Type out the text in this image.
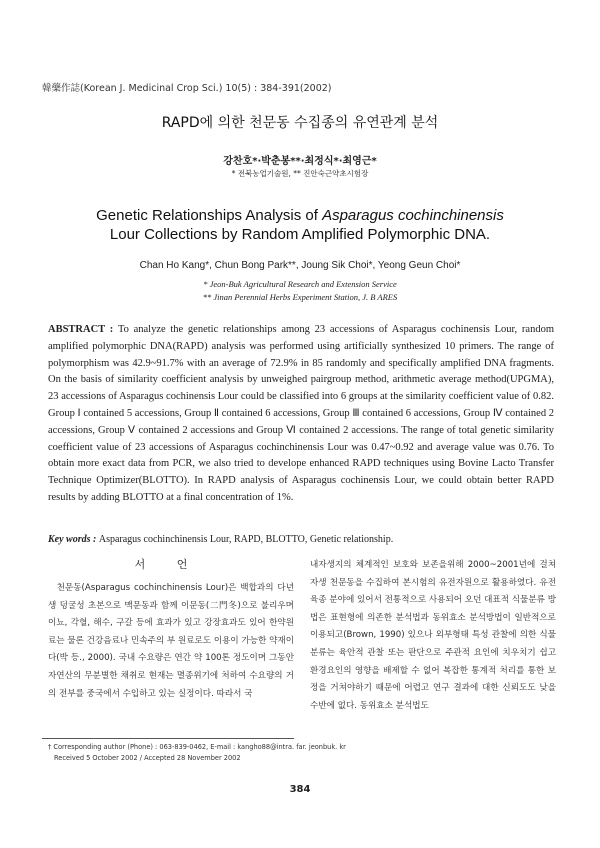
韓藥作誌(Korean J. Medicinal Crop Sci.) 10(5) : 384-391(2002)
RAPD에 의한 천문동 수집종의 유연관계 분석
강찬호*·박춘봉**·최정식*·최영근*
* 전북농업기술원, ** 진안숙근약초시험장
Genetic Relationships Analysis of Asparagus cochinchinensis
Lour Collections by Random Amplified Polymorphic DNA.
Chan Ho Kang*, Chun Bong Park**, Joung Sik Choi*, Yeong Geun Choi*
* Jeon-Buk Agricultural Research and Extension Service
** Jinan Perennial Herbs Experiment Station, J. B ARES
ABSTRACT : To analyze the genetic relationships among 23 accessions of Asparagus cochinensis Lour, random amplified polymorphic DNA(RAPD) analysis was performed using artificially synthesized 10 primers. The range of polymorphism was 42.9~91.7% with an average of 72.9% in 85 randomly and specifically amplified DNA fragments. On the basis of similarity coefficient analysis by unweighed pairgroup method, arithmetic average method(UPGMA), 23 accessions of Asparagus cochinensis Lour could be classified into 6 groups at the similarity coefficient value of 0.82. Group Ⅰ contained 5 accessions, Group Ⅱ contained 6 accessions, Group Ⅲ contained 6 accessions, Group Ⅳ contained 2 accessions, Group Ⅴ contained 2 accessions and Group Ⅵ contained 2 accessions. The range of total genetic similarity coefficient value of 23 accessions of Asparagus cochinchinensis Lour was 0.47~0.92 and average value was 0.76. To obtain more exact data from PCR, we also tried to develope enhanced RAPD techniques using Bovine Lacto Transfer Technique Optimizer(BLOTTO). In RAPD analysis of Asparagus cochinensis Lour, we could obtain better RAPD results by adding BLOTTO at a final concentration of 1%.
Key words : Asparagus cochinchinensis Lour, RAPD, BLOTTO, Genetic relationship.
서 언

천문동(Asparagus cochinchinensis Lour)은 백합과의 다년생 덩굴성 초본으로 맥문동과 함께 이문동(二門冬)으로 불리우며 이뇨, 각혈, 해수, 구갈 등에 효과가 있고 강장효과도 있어 한약원료는 물론 건강음료나 민속주의 부 원료로도 이용이 가능한 약재이다(박 등., 2000). 국내 수요량은 연간 약 100톤 정도이며 그동안 자연산의 무분별한 채취로 현재는 멸종위기에 처하여 수요량의 거의 전부를 중국에서 수입하고 있는 실정이다. 따라서 국

내자생지의 체계적인 보호와 보존을위해 2000~2001년에 걸쳐 자생 천문동을 수집하여 본시험의 유전자원으로 활용하였다. 유전육종 분야에 있어서 전통적으로 사용되어 오던 대표적 식물분류 방법은 표현형에 의존한 분석법과 동위효소 분석방법이 일반적으로 이용되고(Brown, 1990) 있으나 외부형태 특성 관찰에 의한 식물분류는 육안적 관찰 또는 판단으로 주관적 요인에 치우치기 쉽고 환경요인의 영향을 배제할 수 없어 복잡한 통계적 처리를 통한 보정을 거쳐야하기 때문에 어렵고 연구 결과에 대한 신뢰도도 낮을 수반에 없다. 동위효소 분석법도

† Corresponding author (Phone) : 063-839-0462, E-mail : kangho88@intra. far. jeonbuk. kr
Received 5 October 2002 / Accepted 28 November 2002
384
